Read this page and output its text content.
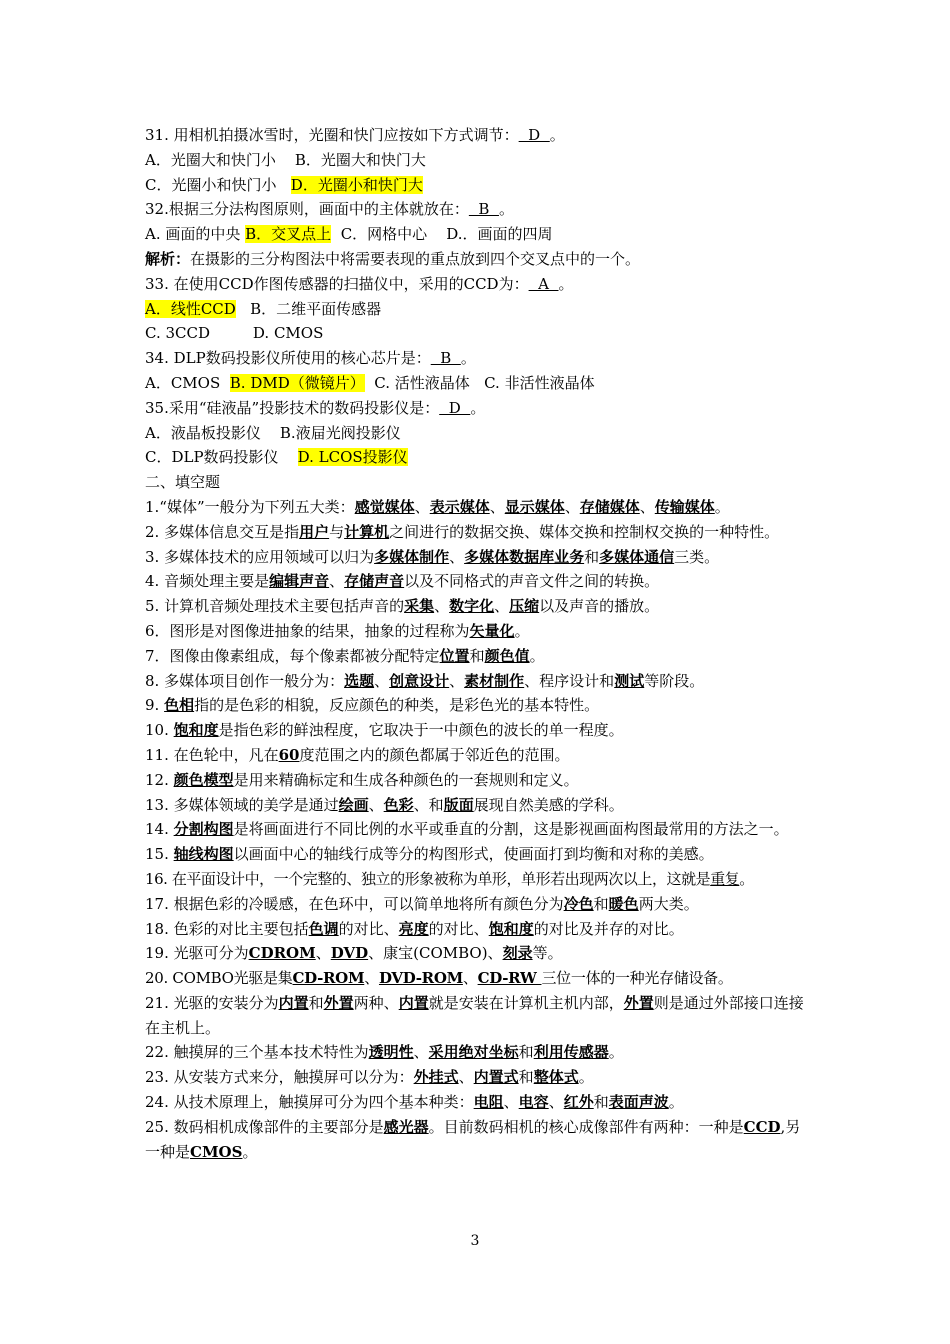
31. 用相机拍摄冰雪时，光圈和快门应按如下方式调节：  D  。
A．光圈大和快门小    B．光圈大和快门大
C．光圈小和快门小   D．光圈小和快门大
32.根据三分法构图原则，画面中的主体就放在：  B  。
A. 画面的中央 B．交叉点上  C．网格中心    D.．画面的四周
解析：在摄影的三分构图法中将需要表现的重点放到四个交叉点中的一个。
33. 在使用CCD作图传感器的扫描仪中，采用的CCD为：  A  。
A．线性CCD   B．二维平面传感器
C. 3CCD         D. CMOS
34. DLP数码投影仪所使用的核心芯片是：  B  。
A．CMOS  B. DMD（微镜片）  C. 活性液晶体   C. 非活性液晶体
35.采用“硅液晶”投影技术的数码投影仪是：  D  。
A．液晶板投影仪    B.液屇光阀投影仪
C．DLP数码投影仪    D. LCOS投影仪
二、填空题
1.“媒体”一般分为下列五大类：感觉媒体、表示媒体、显示媒体、存储媒体、传输媒体。
2. 多媒体信息交互是指用户与计算机之间进行的数据交换、媒体交换和控制权交换的一种特性。
3. 多媒体技术的应用领域可以归为多媒体制作、多媒体数据库业务和多媒体通信三类。
4. 音频处理主要是编辑声音、存储声音以及不同格式的声音文件之间的转换。
5. 计算机音频处理技术主要包括声音的采集、数字化、压缩以及声音的播放。
6．图形是对图像进抽象的结果，抽象的过程称为矢量化。
7．图像由像素组成，每个像素都被分配特定位置和颜色值。
8. 多媒体项目创作一般分为：选题、创意设计、素材制作、程序设计和测试等阶段。
9. 色相指的是色彩的相貌，反应颜色的种类，是彩色光的基本特性。
10. 饱和度是指色彩的鲜浊程度，它取决于一中颜色的波长的单一程度。
11. 在色轮中，凡在60度范围之内的颜色都属于邻近色的范围。
12. 颜色模型是用来精确标定和生成各种颜色的一套规则和定义。
13. 多媒体领域的美学是通过绘画、色彩、和版面展现自然美感的学科。
14. 分割构图是将画面进行不同比例的水平或垂直的分割，这是影视画面构图最常用的方法之一。
15. 轴线构图以画面中心的轴线行成等分的构图形式，使画面打到均衡和对称的美感。
16. 在平面设计中，一个完整的、独立的形象被称为单形，单形若出现两次以上，这就是重复。
17. 根据色彩的冷暖感，在色环中，可以简单地将所有颜色分为冷色和暖色两大类。
18. 色彩的对比主要包括色调的对比、亮度的对比、饱和度的对比及并存的对比。
19. 光驱可分为CDROM、DVD、康宝(COMBO)、刻录等。
20. COMBO光驱是集CD-ROM、DVD-ROM、CD-RW 三位一体的一种光存储设备。
21. 光驱的安装分为内置和外置两种、内置就是安装在计算机主机内部，外置则是通过外部接口连接在主机上。
22. 触摸屏的三个基本技术特性为透明性、采用绝对坐标和利用传感器。
23. 从安装方式来分，触摸屏可以分为：外挂式、内置式和整体式。
24. 从技术原理上，触摸屏可分为四个基本种类：电阻、电容、红外和表面声波。
25. 数码相机成像部件的主要部分是感光器。目前数码相机的核心成像部件有两种：一种是CCD,另一种是CMOS。
3
